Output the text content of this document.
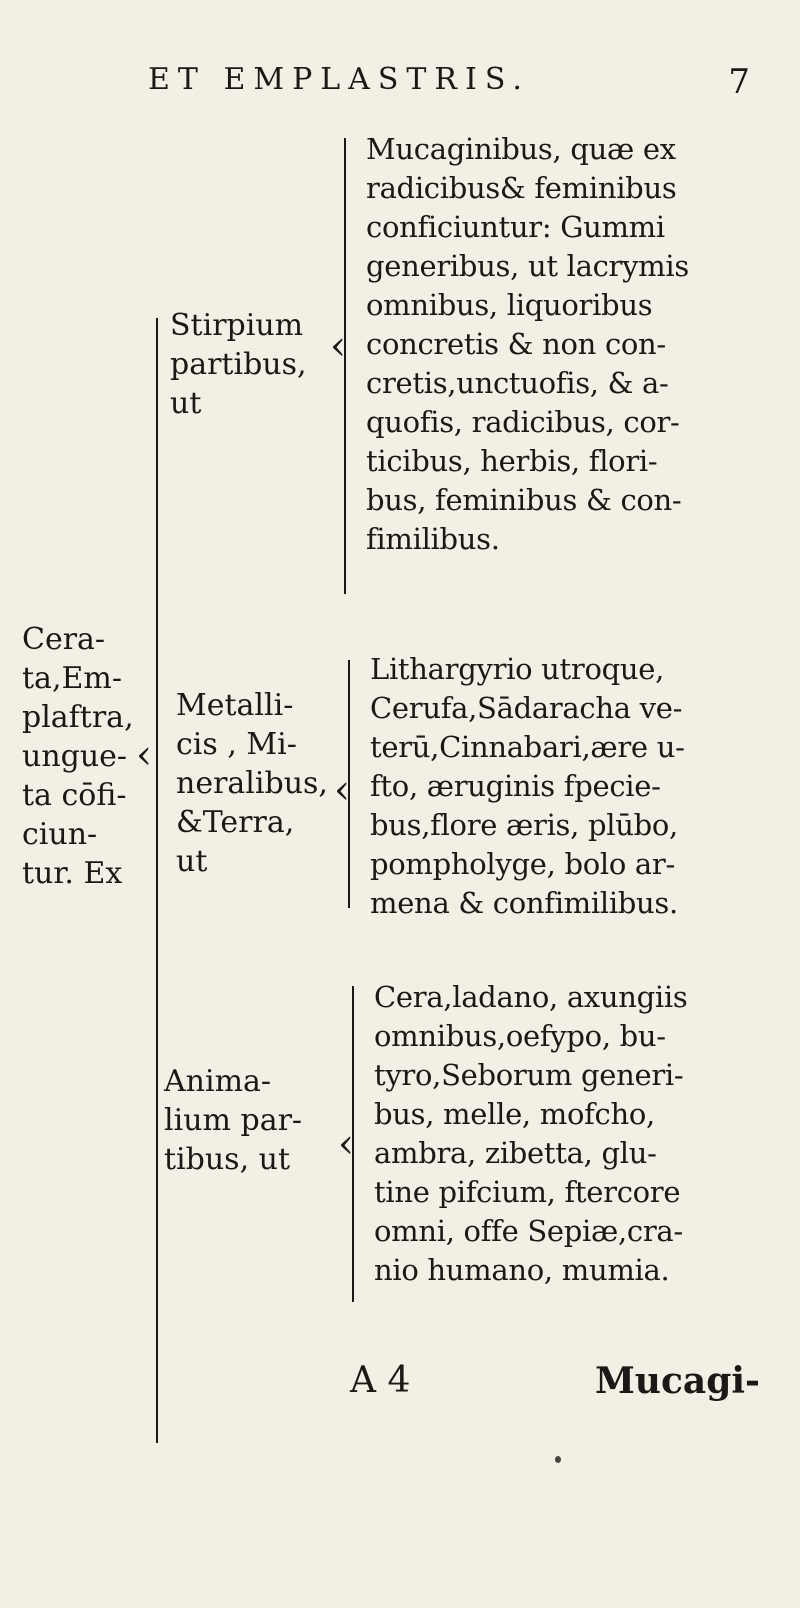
ET EMPLASTRIS.	7
Cera-
ta,Em-
plaftra,
ungue-
ta cōfi-
ciun-
tur. Ex
‹
Stirpium
partibus,
ut
‹
Mucaginibus, quæ ex
radicibus& feminibus
conficiuntur: Gummi
generibus, ut lacrymis
omnibus, liquoribus
concretis & non con-
cretis,unctuofis, & a-
quofis, radicibus, cor-
ticibus, herbis, flori-
bus, feminibus & con-
fimilibus.
Metalli-
cis , Mi-
neralibus,
&Terra,
ut
‹
Lithargyrio utroque,
Cerufa,Sādaracha ve-
terū,Cinnabari,ære u-
fto, æruginis fpecie-
bus,flore æris, plūbo,
pompholyge, bolo ar-
mena & confimilibus.
Anima-
lium par-
tibus, ut	‹
Cera,ladano, axungiis
omnibus,oefypo, bu-
tyro,Seborum generi-
bus, melle, mofcho,
ambra, zibetta, glu-
tine pifcium, ftercore
omni, offe Sepiæ,cra-
nio humano, mumia.
A 4	Mucagi-
